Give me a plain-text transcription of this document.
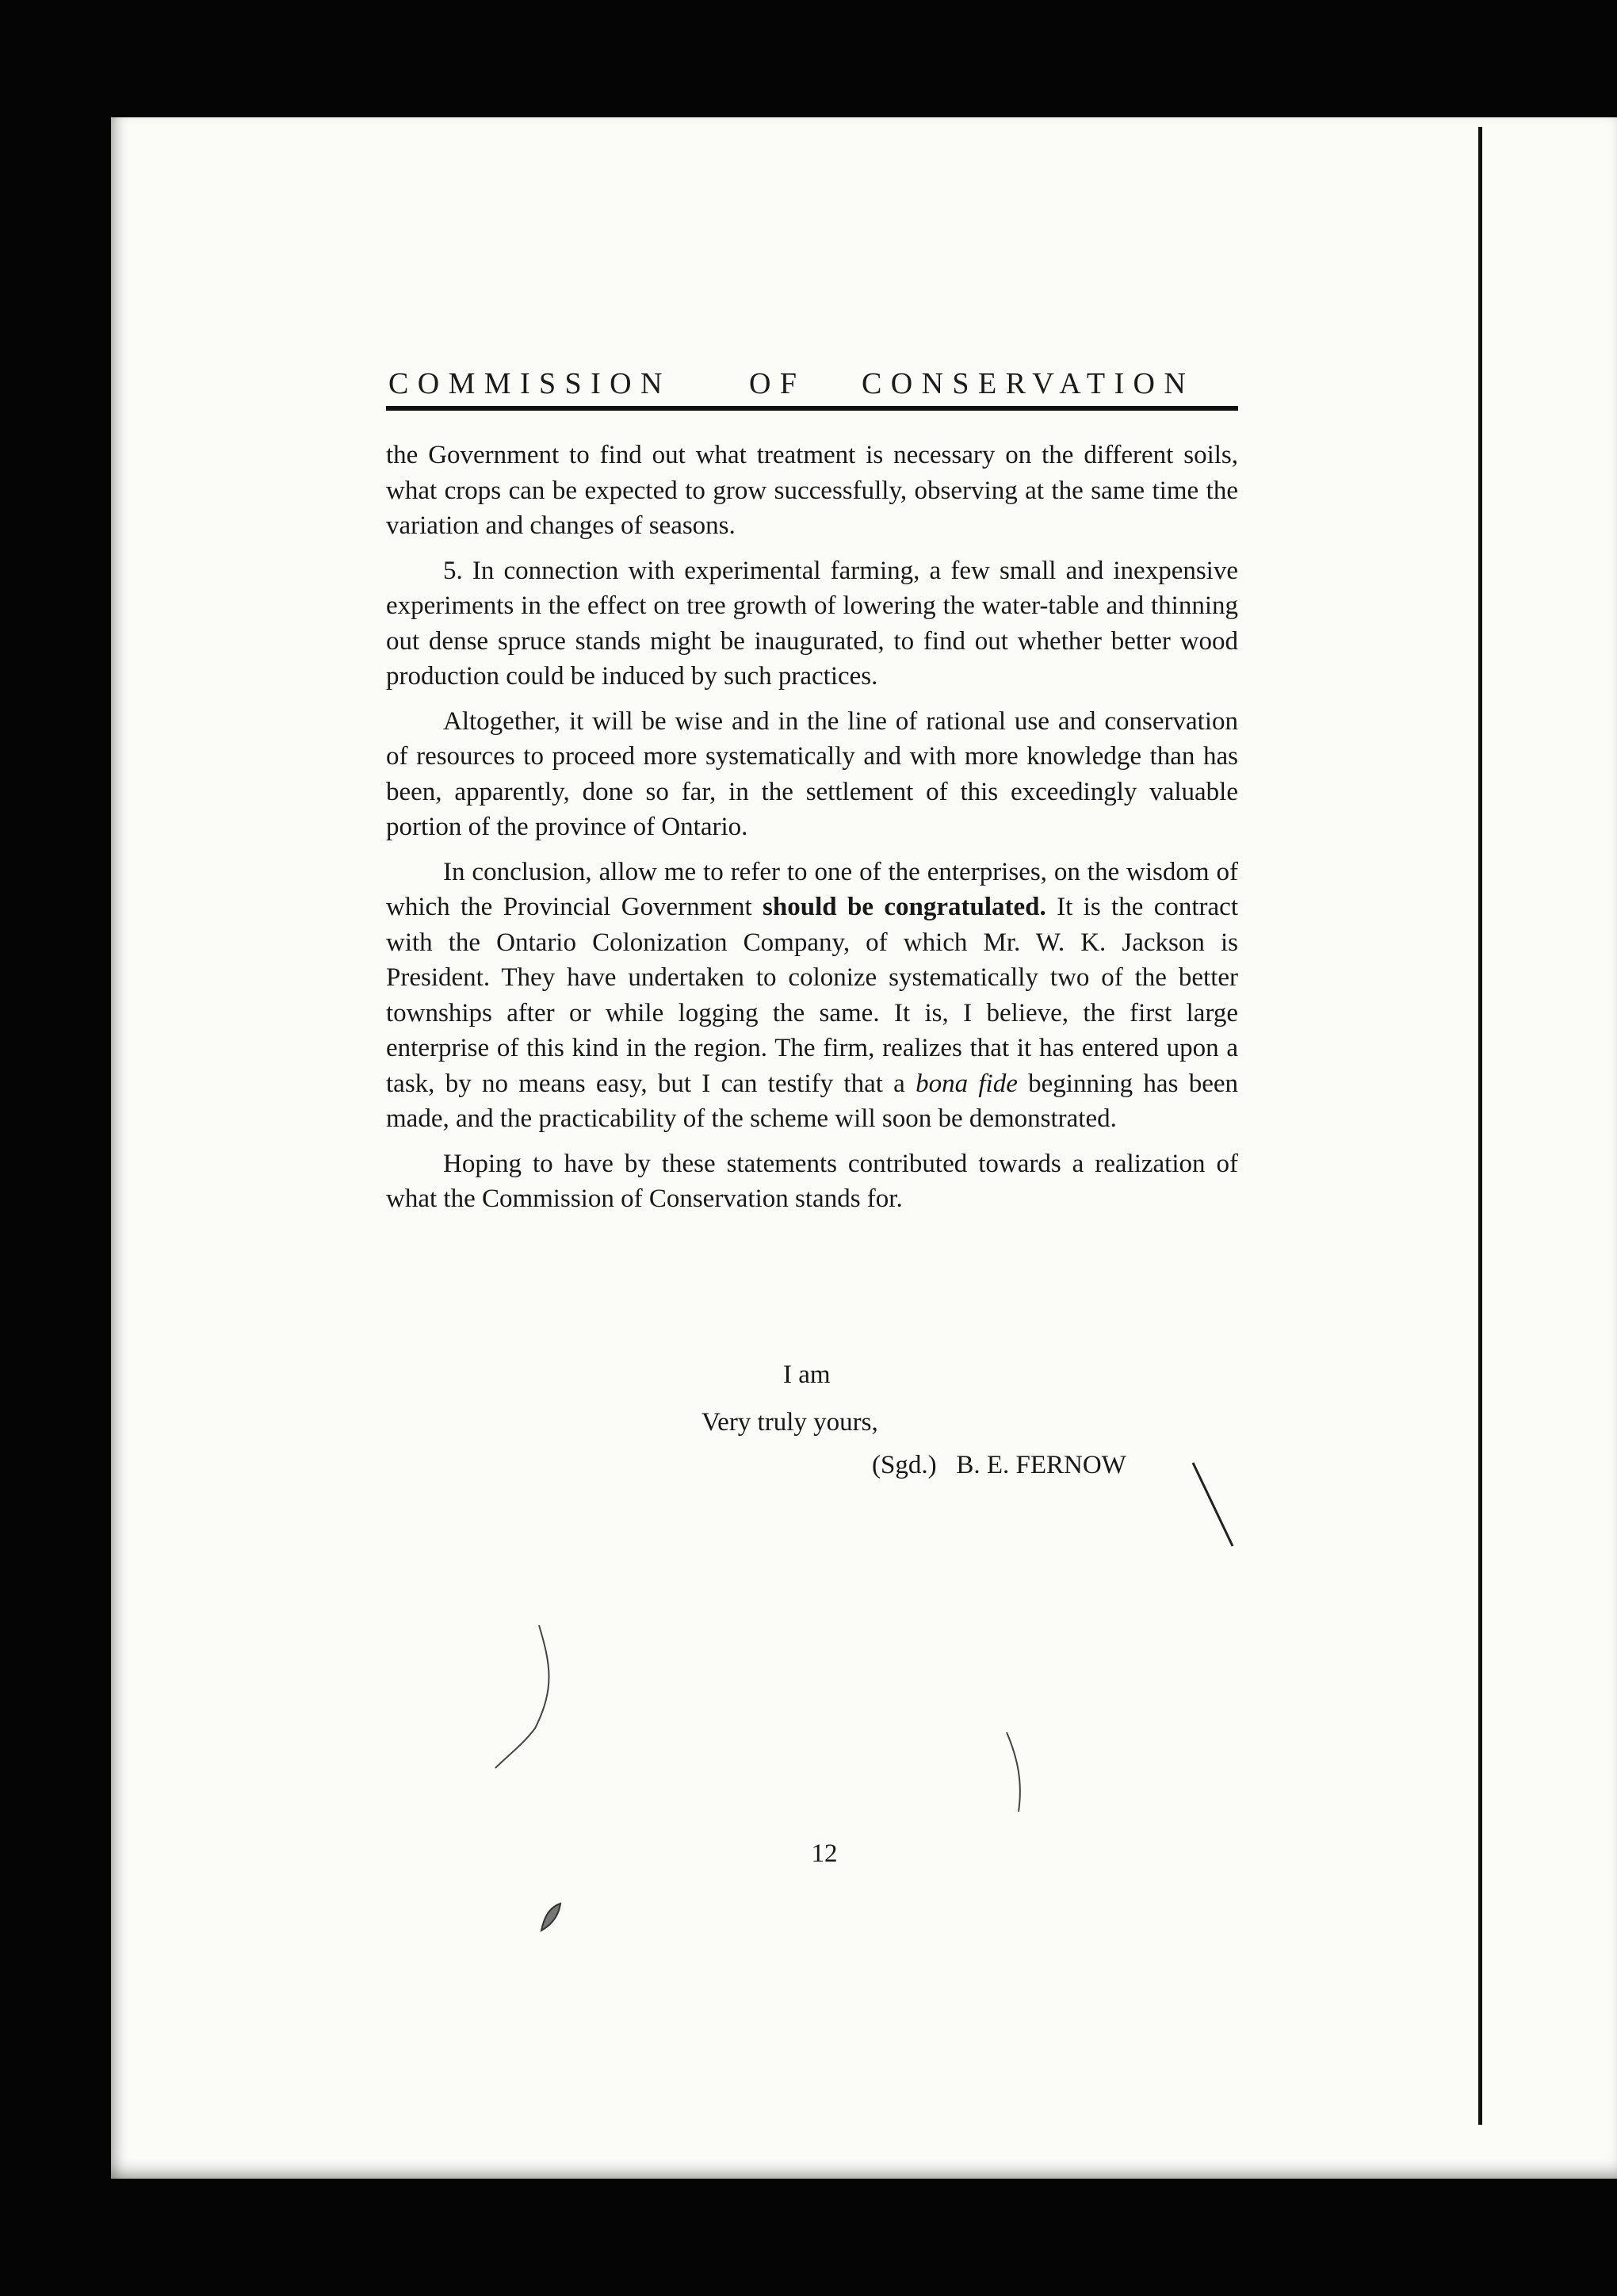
COMMISSION	OF CONSERVATION

the Government to find out what treatment is necessary on the different soils, what crops can be expected to grow successfully, observing at the same time the variation and changes of seasons.

5. In connection with experimental farming, a few small and inexpensive experiments in the effect on tree growth of lowering the water-table and thinning out dense spruce stands might be inaugurated, to find out whether better wood production could be induced by such practices.

Altogether, it will be wise and in the line of rational use and conservation of resources to proceed more systematically and with more knowledge than has been, apparently, done so far, in the settlement of this exceedingly valuable portion of the province of Ontario.

In conclusion, allow me to refer to one of the enterprises, on the wisdom of which the Provincial Government should be congratulated. It is the contract with the Ontario Colonization Company, of which Mr. W. K. Jackson is President. They have undertaken to colonize systematically two of the better townships after or while logging the same. It is, I believe, the first large enterprise of this kind in the region. The firm, realizes that it has entered upon a task, by no means easy, but I can testify that a bona fide beginning has been made, and the practicability of the scheme will soon be demonstrated.

Hoping to have by these statements contributed towards a realization of what the Commission of Conservation stands for.

I am
Very truly yours,
(Sgd.)   B. E. FERNOW
12
